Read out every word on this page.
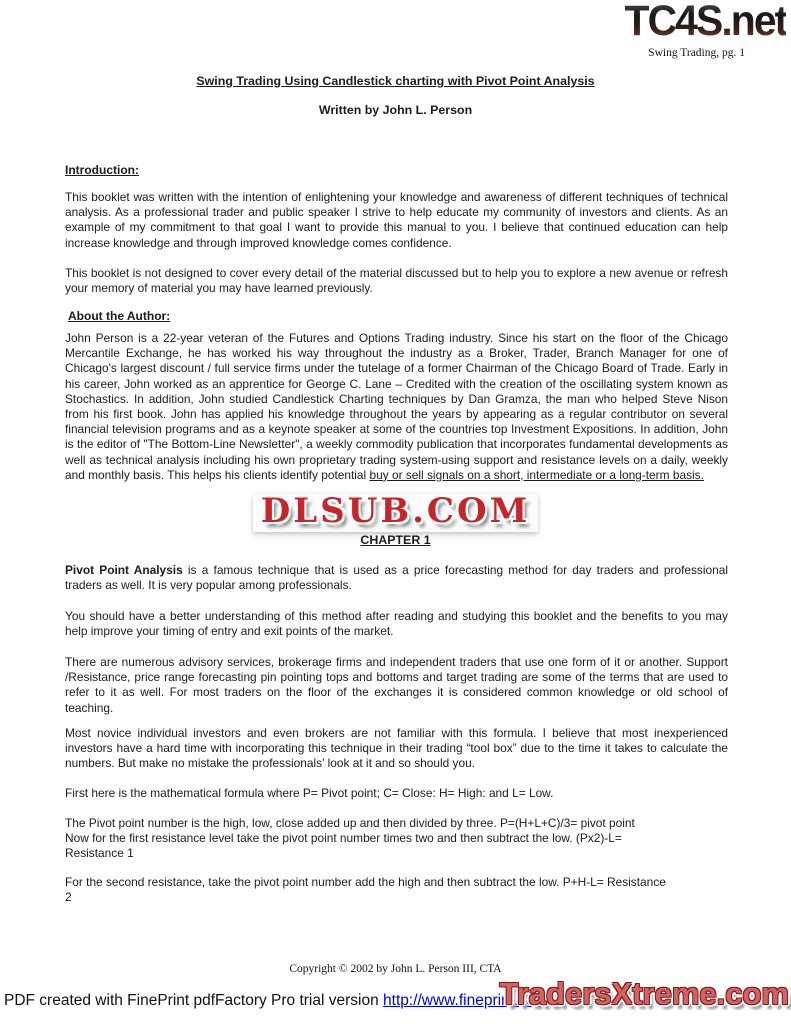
TC4S.net
Swing Trading, pg. 1
Swing Trading Using Candlestick charting with Pivot Point Analysis
Written by John L. Person
Introduction:
This booklet was written with the intention of enlightening your knowledge and awareness of different techniques of technical analysis. As a professional trader and public speaker I strive to help educate my community of investors and clients. As an example of my commitment to that goal I want to provide this manual to you. I believe that continued education can help increase knowledge and through improved knowledge comes confidence.
This booklet is not designed to cover every detail of the material discussed but to help you to explore a new avenue or refresh your memory of material you may have learned previously.
About the Author:
John Person is a 22-year veteran of the Futures and Options Trading industry. Since his start on the floor of the Chicago Mercantile Exchange, he has worked his way throughout the industry as a Broker, Trader, Branch Manager for one of Chicago's largest discount / full service firms under the tutelage of a former Chairman of the Chicago Board of Trade. Early in his career, John worked as an apprentice for George C. Lane – Credited with the creation of the oscillating system known as Stochastics. In addition, John studied Candlestick Charting techniques by Dan Gramza, the man who helped Steve Nison from his first book. John has applied his knowledge throughout the years by appearing as a regular contributor on several financial television programs and as a keynote speaker at some of the countries top Investment Expositions. In addition, John is the editor of "The Bottom-Line Newsletter", a weekly commodity publication that incorporates fundamental developments as well as technical analysis including his own proprietary trading system-using support and resistance levels on a daily, weekly and monthly basis. This helps his clients identify potential buy or sell signals on a short, intermediate or a long-term basis.
DLSUB.COM
CHAPTER 1
Pivot Point Analysis is a famous technique that is used as a price forecasting method for day traders and professional traders as well. It is very popular among professionals.
You should have a better understanding of this method after reading and studying this booklet and the benefits to you may help improve your timing of entry and exit points of the market.
There are numerous advisory services, brokerage firms and independent traders that use one form of it or another. Support /Resistance, price range forecasting pin pointing tops and bottoms and target trading are some of the terms that are used to refer to it as well. For most traders on the floor of the exchanges it is considered common knowledge or old school of teaching.
Most novice individual investors and even brokers are not familiar with this formula. I believe that most inexperienced investors have a hard time with incorporating this technique in their trading “tool box” due to the time it takes to calculate the numbers. But make no mistake the professionals’ look at it and so should you.
First here is the mathematical formula where P= Pivot point; C= Close: H= High: and L= Low.
The Pivot point number is the high, low, close added up and then divided by three. P=(H+L+C)/3= pivot point
Now for the first resistance level take the pivot point number times two and then subtract the low. (Px2)-L=
Resistance 1
For the second resistance, take the pivot point number add the high and then subtract the low. P+H-L= Resistance
2
Copyright © 2002 by John L. Person III, CTA
PDF created with FinePrint pdfFactory Pro trial version http://www.fineprint.com
TradersXtreme.com
